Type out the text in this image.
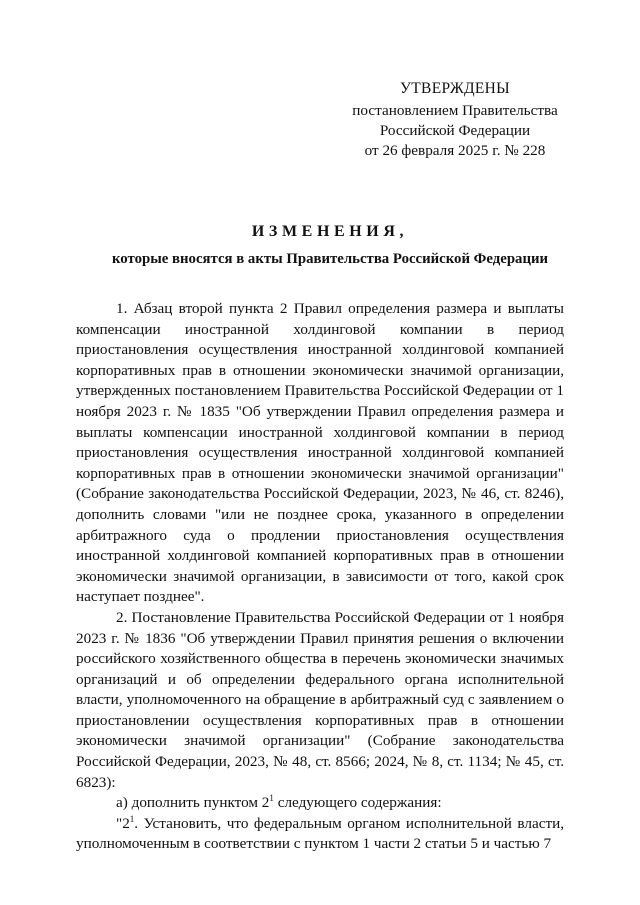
УТВЕРЖДЕНЫ
постановлением Правительства
Российской Федерации
от 26 февраля 2025 г. № 228
ИЗМЕНЕНИЯ,
которые вносятся в акты Правительства Российской Федерации

1. Абзац второй пункта 2 Правил определения размера и выплаты компенсации иностранной холдинговой компании в период приостановления осуществления иностранной холдинговой компанией корпоративных прав в отношении экономически значимой организации, утвержденных постановлением Правительства Российской Федерации от 1 ноября 2023 г. № 1835 "Об утверждении Правил определения размера и выплаты компенсации иностранной холдинговой компании в период приостановления осуществления иностранной холдинговой компанией корпоративных прав в отношении экономически значимой организации" (Собрание законодательства Российской Федерации, 2023, № 46, ст. 8246), дополнить словами "или не позднее срока, указанного в определении арбитражного суда о продлении приостановления осуществления иностранной холдинговой компанией корпоративных прав в отношении экономически значимой организации, в зависимости от того, какой срок наступает позднее".

2. Постановление Правительства Российской Федерации от 1 ноября 2023 г. № 1836 "Об утверждении Правил принятия решения о включении российского хозяйственного общества в перечень экономически значимых организаций и об определении федерального органа исполнительной власти, уполномоченного на обращение в арбитражный суд с заявлением о приостановлении осуществления корпоративных прав в отношении экономически значимой организации" (Собрание законодательства Российской Федерации, 2023, № 48, ст. 8566; 2024, № 8, ст. 1134; № 45, ст. 6823):

а) дополнить пунктом $2^1$ следующего содержания:

"$2^1$. Установить, что федеральным органом исполнительной власти, уполномоченным в соответствии с пунктом 1 части 2 статьи 5 и частью 7
